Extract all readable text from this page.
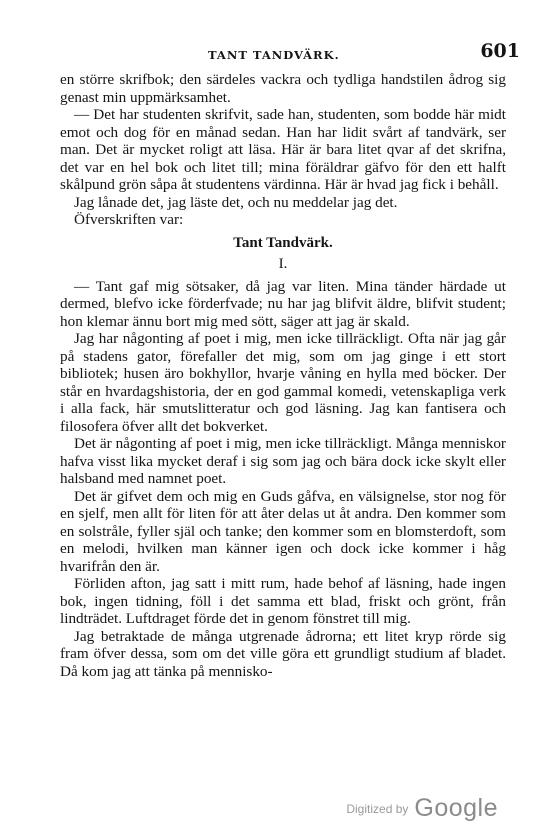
TANT TANDVÄRK.	601

en större skrifbok; den särdeles vackra och tydliga handstilen ådrog sig genast min uppmärksamhet.

— Det har studenten skrifvit, sade han, studenten, som bodde här midt emot och dog för en månad sedan. Han har lidit svårt af tandvärk, ser man. Det är mycket roligt att läsa. Här är bara litet qvar af det skrifna, det var en hel bok och litet till; mina föräldrar gäfvo för den ett halft skålpund grön såpa åt studentens värdinna. Här är hvad jag fick i behåll.

Jag lånade det, jag läste det, och nu meddelar jag det.

Öfverskriften var:

Tant Tandvärk.

I.

— Tant gaf mig sötsaker, då jag var liten. Mina tänder härdade ut dermed, blefvo icke förderfvade; nu har jag blifvit äldre, blifvit student; hon klemar ännu bort mig med sött, säger att jag är skald.

Jag har någonting af poet i mig, men icke tillräckligt. Ofta när jag går på stadens gator, förefaller det mig, som om jag ginge i ett stort bibliotek; husen äro bokhyllor, hvarje våning en hylla med böcker. Der står en hvardagshistoria, der en god gammal komedi, vetenskapliga verk i alla fack, här smutslitteratur och god läsning. Jag kan fantisera och filosofera öfver allt det bokverket.

Det är någonting af poet i mig, men icke tillräckligt. Många menniskor hafva visst lika mycket deraf i sig som jag och bära dock icke skylt eller halsband med namnet poet.

Det är gifvet dem och mig en Guds gåfva, en välsignelse, stor nog för en sjelf, men allt för liten för att åter delas ut åt andra. Den kommer som en solstråle, fyller själ och tanke; den kommer som en blomsterdoft, som en melodi, hvilken man känner igen och dock icke kommer i håg hvarifrån den är.

Förliden afton, jag satt i mitt rum, hade behof af läsning, hade ingen bok, ingen tidning, föll i det samma ett blad, friskt och grönt, från lindträdet. Luftdraget förde det in genom fönstret till mig.

Jag betraktade de många utgrenade ådrorna; ett litet kryp rörde sig fram öfver dessa, som om det ville göra ett grundligt studium af bladet. Då kom jag att tänka på mennisko-

Digitized by Google
